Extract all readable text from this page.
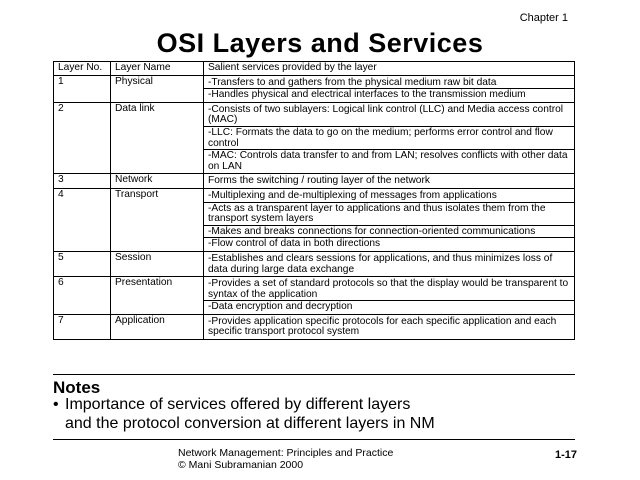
Chapter 1
OSI Layers and Services
Layer No.	Layer Name	Salient services provided by the layer
1	Physical	-Transfers to and gathers from the physical medium raw bit data
-Handles physical and electrical interfaces to the transmission medium

2	Data link	-Consists of two sublayers: Logical link control (LLC) and Media access control (MAC)
-LLC: Formats the data to go on the medium; performs error control and flow control
-MAC: Controls data transfer to and from LAN; resolves conflicts with other data on LAN

3	Network	Forms the switching / routing layer of the network

4	Transport	-Multiplexing and de-multiplexing of messages from applications
-Acts as a transparent layer to applications and thus isolates them from the transport system layers
-Makes and breaks connections for connection-oriented communications
-Flow control of data in both directions

5	Session	-Establishes and clears sessions for applications, and thus minimizes loss of data during large data exchange

6	Presentation	-Provides a set of standard protocols so that the display would be transparent to syntax of the application
-Data encryption and decryption

7	Application	-Provides application specific protocols for each specific application and each specific transport protocol system
Notes
• Importance of services offered by different layers
and the protocol conversion at different layers in NM
Network Management: Principles and Practice
© Mani Subramanian 2000
1-17
